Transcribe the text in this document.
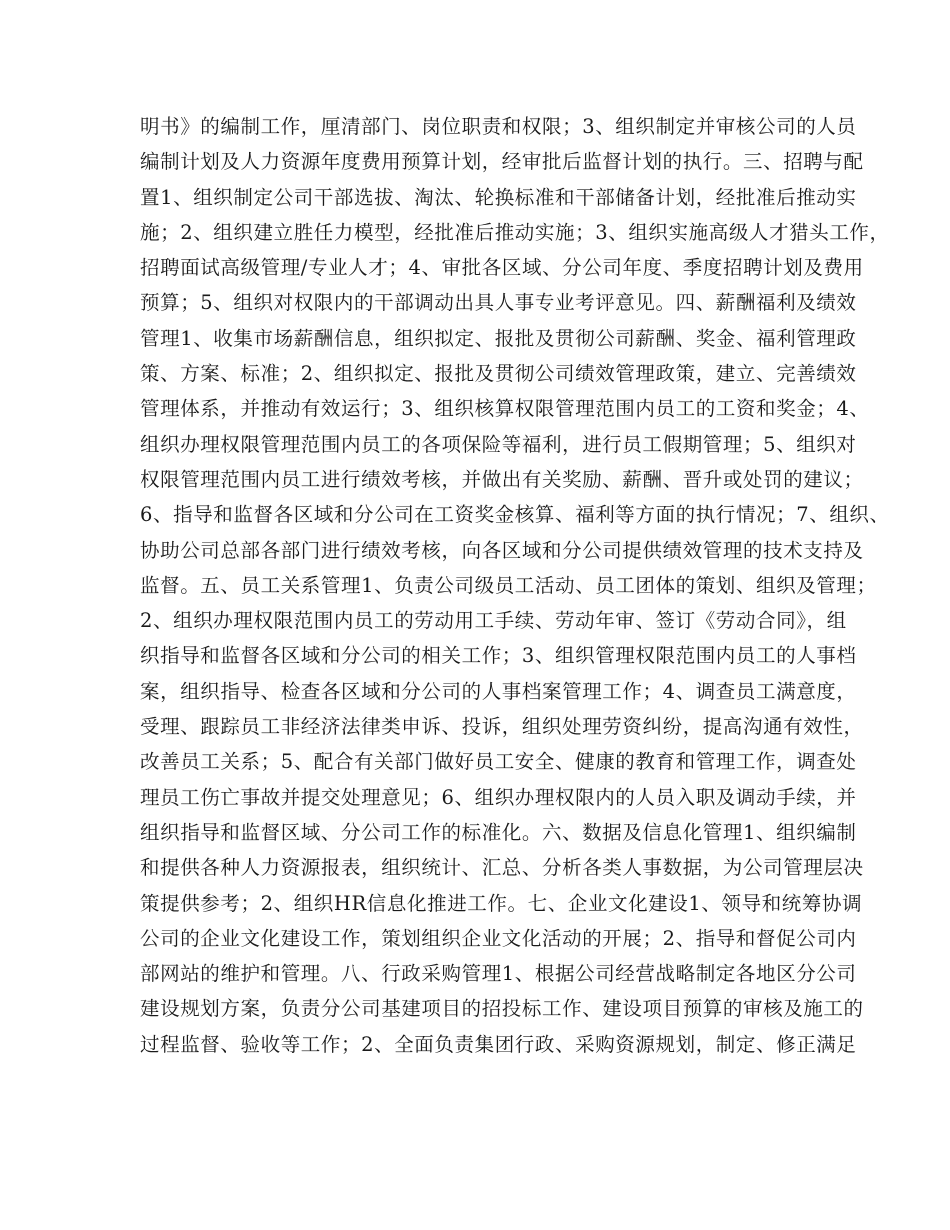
明书》的编制工作，厘清部门、岗位职责和权限；3、组织制定并审核公司的人员
编制计划及人力资源年度费用预算计划，经审批后监督计划的执行。三、招聘与配
置1、组织制定公司干部选拔、淘汰、轮换标准和干部储备计划，经批准后推动实
施；2、组织建立胜任力模型，经批准后推动实施；3、组织实施高级人才猎头工作，
招聘面试高级管理/专业人才；4、审批各区域、分公司年度、季度招聘计划及费用
预算；5、组织对权限内的干部调动出具人事专业考评意见。四、薪酬福利及绩效
管理1、收集市场薪酬信息，组织拟定、报批及贯彻公司薪酬、奖金、福利管理政
策、方案、标准；2、组织拟定、报批及贯彻公司绩效管理政策，建立、完善绩效
管理体系，并推动有效运行；3、组织核算权限管理范围内员工的工资和奖金；4、
组织办理权限管理范围内员工的各项保险等福利，进行员工假期管理；5、组织对
权限管理范围内员工进行绩效考核，并做出有关奖励、薪酬、晋升或处罚的建议；
6、指导和监督各区域和分公司在工资奖金核算、福利等方面的执行情况；7、组织、
协助公司总部各部门进行绩效考核，向各区域和分公司提供绩效管理的技术支持及
监督。五、员工关系管理1、负责公司级员工活动、员工团体的策划、组织及管理；
2、组织办理权限范围内员工的劳动用工手续、劳动年审、签订《劳动合同》，组
织指导和监督各区域和分公司的相关工作；3、组织管理权限范围内员工的人事档
案，组织指导、检查各区域和分公司的人事档案管理工作；4、调查员工满意度，
受理、跟踪员工非经济法律类申诉、投诉，组织处理劳资纠纷，提高沟通有效性，
改善员工关系；5、配合有关部门做好员工安全、健康的教育和管理工作，调查处
理员工伤亡事故并提交处理意见；6、组织办理权限内的人员入职及调动手续，并
组织指导和监督区域、分公司工作的标准化。六、数据及信息化管理1、组织编制
和提供各种人力资源报表，组织统计、汇总、分析各类人事数据，为公司管理层决
策提供参考；2、组织HR信息化推进工作。七、企业文化建设1、领导和统筹协调
公司的企业文化建设工作，策划组织企业文化活动的开展；2、指导和督促公司内
部网站的维护和管理。八、行政采购管理1、根据公司经营战略制定各地区分公司
建设规划方案，负责分公司基建项目的招投标工作、建设项目预算的审核及施工的
过程监督、验收等工作；2、全面负责集团行政、采购资源规划，制定、修正满足
